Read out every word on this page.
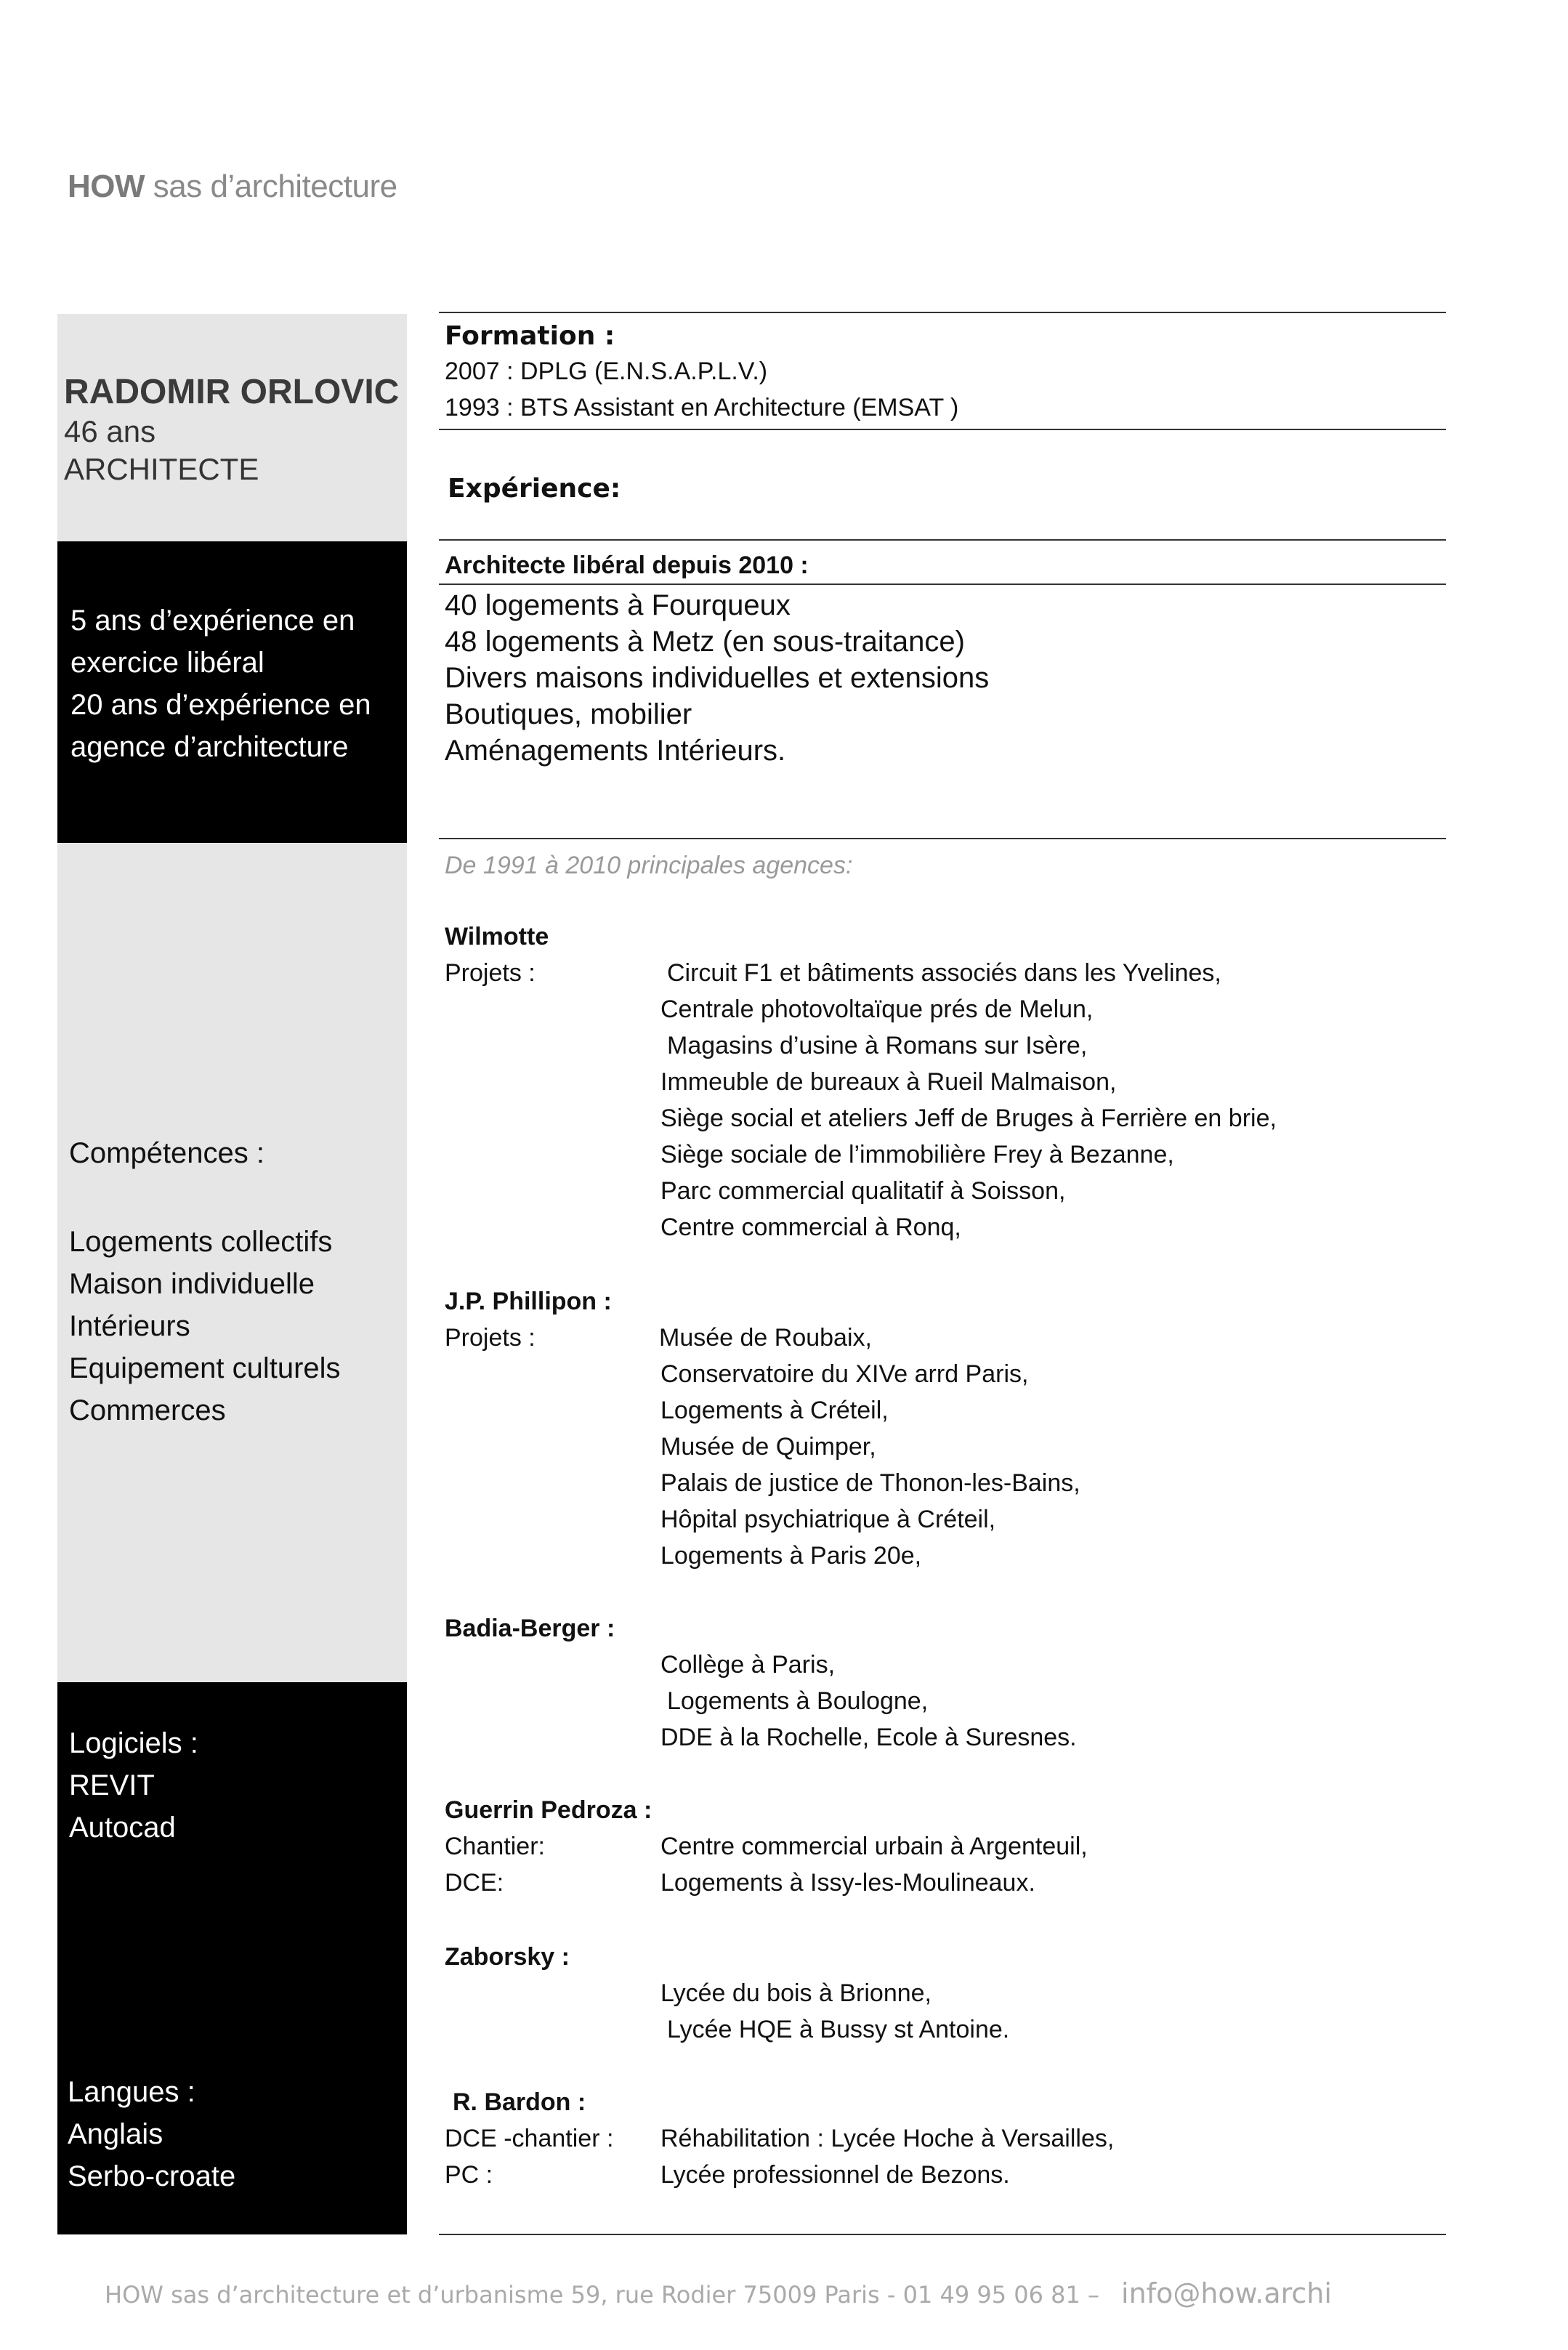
HOW sas d’architecture
RADOMIR ORLOVIC
46 ans
ARCHITECTE
5 ans d’expérience en
exercice libéral
20 ans d’expérience en
agence d’architecture
Compétences :
Logements collectifs
Maison individuelle
Intérieurs
Equipement culturels
Commerces
Logiciels :
REVIT
Autocad
Langues :
Anglais
Serbo-croate
Formation :
2007 : DPLG (E.N.S.A.P.L.V.)
1993 : BTS Assistant en Architecture (EMSAT )
Expérience:
Architecte libéral depuis 2010 :
40 logements à Fourqueux
48 logements à Metz (en sous-traitance)
Divers maisons individuelles et extensions
Boutiques, mobilier
Aménagements Intérieurs.
De 1991 à 2010 principales agences:
Wilmotte
Projets :	Circuit F1 et bâtiments associés dans les Yvelines,
Centrale photovoltaïque prés de Melun,
Magasins d’usine à Romans sur Isère,
Immeuble de bureaux à Rueil Malmaison,
Siège social et ateliers Jeff de Bruges à Ferrière en brie,
Siège sociale de l’immobilière Frey à Bezanne,
Parc commercial qualitatif à Soisson,
Centre commercial à Ronq,
J.P. Phillipon :
Projets :	Musée de Roubaix,
Conservatoire du XIVe arrd Paris,
Logements à Créteil,
Musée de Quimper,
Palais de justice de Thonon-les-Bains,
Hôpital psychiatrique à Créteil,
Logements à Paris 20e,
Badia-Berger :
Collège à Paris,
Logements à Boulogne,
DDE à la Rochelle, Ecole à Suresnes.
Guerrin Pedroza :
Chantier:	Centre commercial urbain à Argenteuil,
DCE:	Logements à Issy-les-Moulineaux.
Zaborsky :
Lycée du bois à Brionne,
Lycée HQE à Bussy st Antoine.
R. Bardon :
DCE -chantier : Réhabilitation : Lycée Hoche à Versailles,
PC :	Lycée professionnel de Bezons.
HOW sas d’architecture et d’urbanisme 59, rue Rodier 75009 Paris - 01 49 95 06 81 – info@how.archi
